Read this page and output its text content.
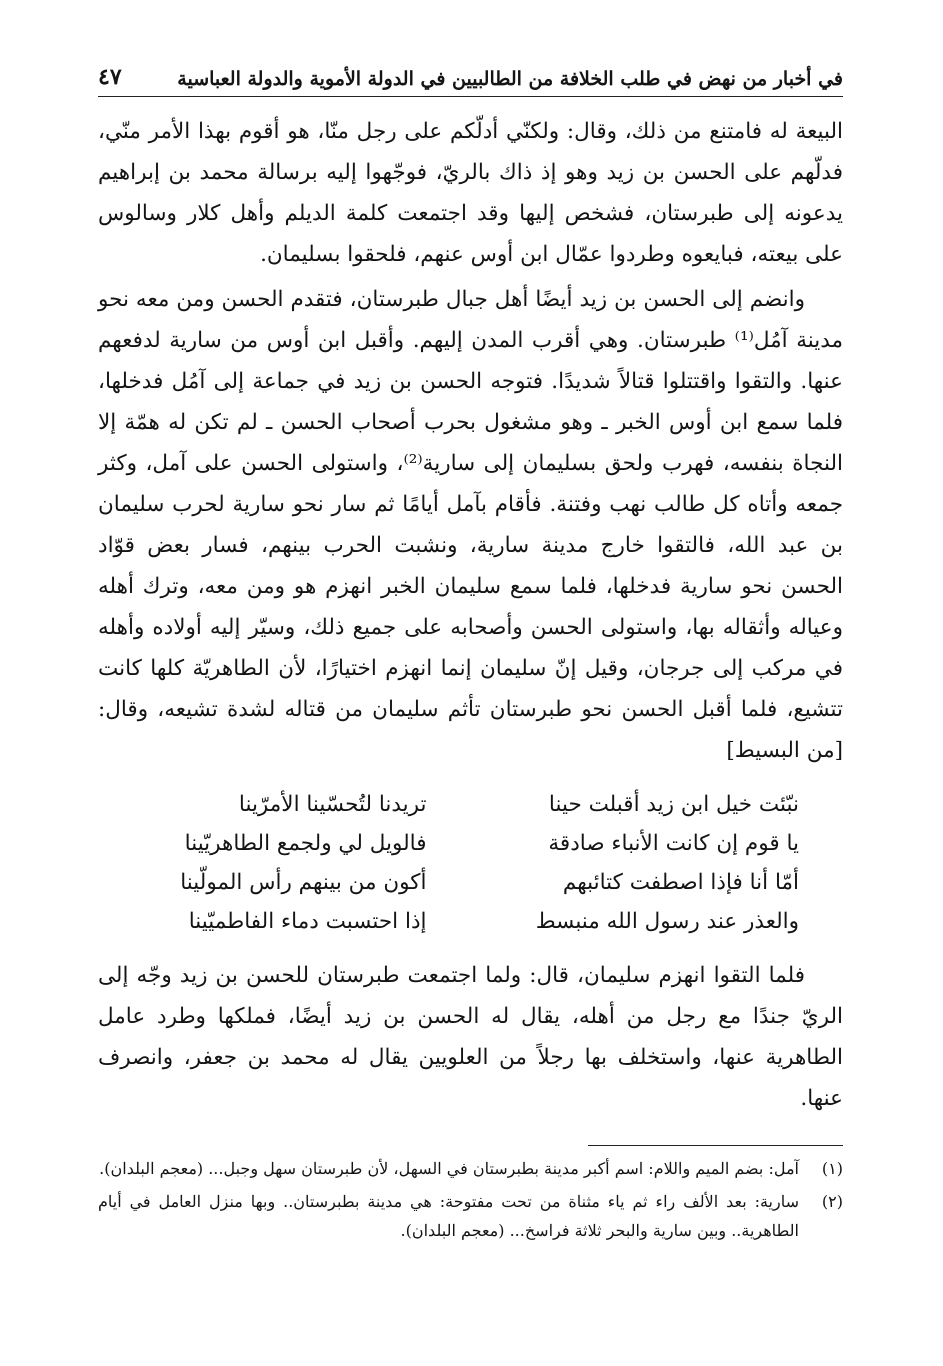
في أخبار من نهض في طلب الخلافة من الطالبيين في الدولة الأموية والدولة العباسية
٤٧

البيعة له فامتنع من ذلك، وقال: ولكنّي أدلّكم على رجل منّا، هو أقوم بهذا الأمر منّي، فدلّهم على الحسن بن زيد وهو إذ ذاك بالريّ، فوجّهوا إليه برسالة محمد بن إبراهيم يدعونه إلى طبرستان، فشخص إليها وقد اجتمعت كلمة الديلم وأهل كلار وسالوس على بيعته، فبايعوه وطردوا عمّال ابن أوس عنهم، فلحقوا بسليمان.

وانضم إلى الحسن بن زيد أيضًا أهل جبال طبرستان، فتقدم الحسن ومن معه نحو مدينة آمُل⁽¹⁾ طبرستان. وهي أقرب المدن إليهم. وأقبل ابن أوس من سارية لدفعهم عنها. والتقوا واقتتلوا قتالاً شديدًا. فتوجه الحسن بن زيد في جماعة إلى آمُل فدخلها، فلما سمع ابن أوس الخبر ـ وهو مشغول بحرب أصحاب الحسن ـ لم تكن له همّة إلا النجاة بنفسه، فهرب ولحق بسليمان إلى سارية⁽²⁾، واستولى الحسن على آمل، وكثر جمعه وأتاه كل طالب نهب وفتنة. فأقام بآمل أيامًا ثم سار نحو سارية لحرب سليمان بن عبد الله، فالتقوا خارج مدينة سارية، ونشبت الحرب بينهم، فسار بعض قوّاد الحسن نحو سارية فدخلها، فلما سمع سليمان الخبر انهزم هو ومن معه، وترك أهله وعياله وأثقاله بها، واستولى الحسن وأصحابه على جميع ذلك، وسيّر إليه أولاده وأهله في مركب إلى جرجان، وقيل إنّ سليمان إنما انهزم اختيارًا، لأن الطاهريّة كلها كانت تتشيع، فلما أقبل الحسن نحو طبرستان تأثم سليمان من قتاله لشدة تشيعه، وقال: [من البسيط]

نبّئت خيل ابن زيد أقبلت حينا
تريدنا لتُحسّينا الأمرّينا
يا قوم إن كانت الأنباء صادقة
فالويل لي ولجمع الطاهريّينا
أمّا أنا فإذا اصطفت كتائبهم
أكون من بينهم رأس المولّينا
والعذر عند رسول الله منبسط
إذا احتسبت دماء الفاطميّينا

فلما التقوا انهزم سليمان، قال: ولما اجتمعت طبرستان للحسن بن زيد وجّه إلى الريّ جندًا مع رجل من أهله، يقال له الحسن بن زيد أيضًا، فملكها وطرد عامل الطاهرية عنها، واستخلف بها رجلاً من العلويين يقال له محمد بن جعفر، وانصرف عنها.

(١)
آمل: بضم الميم واللام: اسم أكبر مدينة بطبرستان في السهل، لأن طبرستان سهل وجبل... (معجم البلدان).
(٢)
سارية: بعد الألف راء ثم ياء مثناة من تحت مفتوحة: هي مدينة بطبرستان.. وبها منزل العامل في أيام الطاهرية.. وبين سارية والبحر ثلاثة فراسخ... (معجم البلدان).
